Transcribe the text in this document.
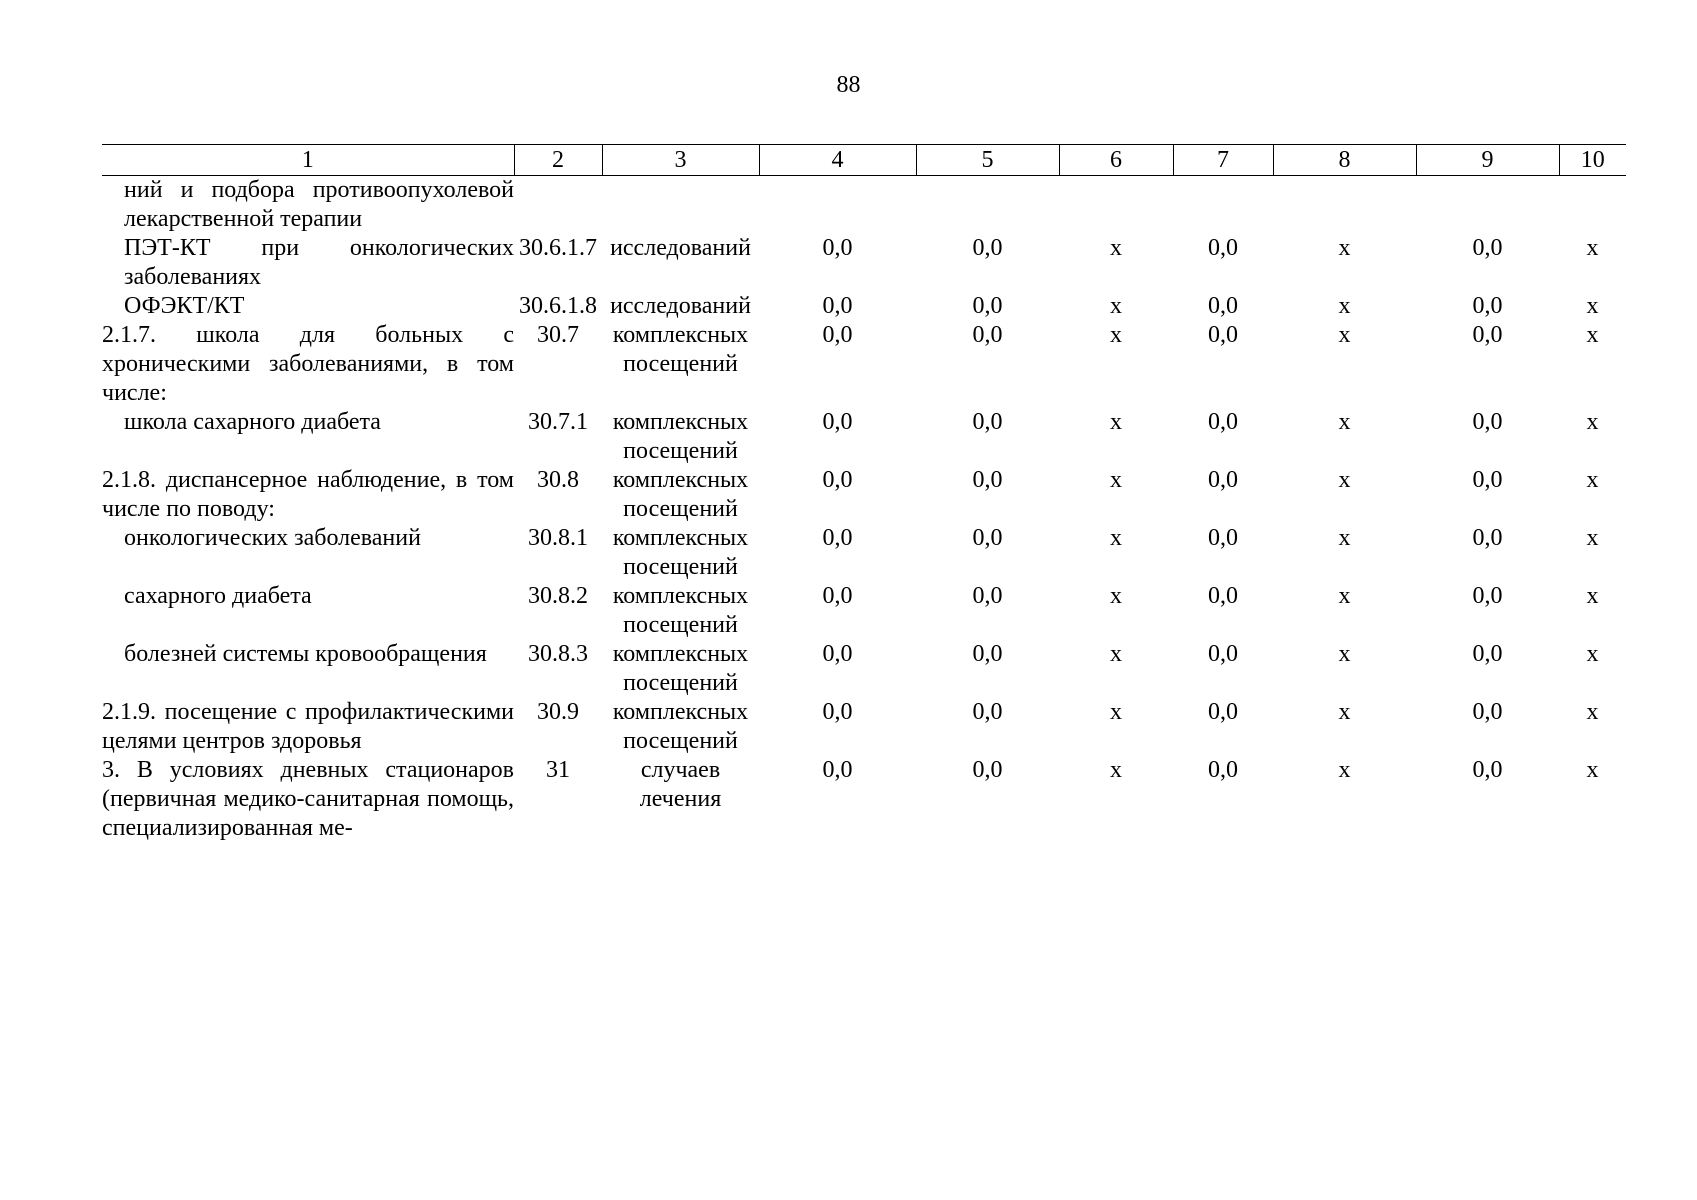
88
1	2	3	4	5	6	7	8	9	10

ний и подбора противоопухолевой лекарственной терапии									

ПЭТ-КТ при онкологических заболеваниях	30.6.1.7	исследований	0,0	0,0	х	0,0	х	0,0	х

ОФЭКТ/КТ	30.6.1.8	исследований	0,0	0,0	х	0,0	х	0,0	х

2.1.7. школа для больных с хроническими заболеваниями, в том числе:	30.7	комплексных посещений	0,0	0,0	х	0,0	х	0,0	х

школа сахарного диабета	30.7.1	комплексных посещений	0,0	0,0	х	0,0	х	0,0	х

2.1.8. диспансерное наблюдение, в том числе по поводу:	30.8	комплексных посещений	0,0	0,0	х	0,0	х	0,0	х

онкологических заболеваний	30.8.1	комплексных посещений	0,0	0,0	х	0,0	х	0,0	х

сахарного диабета	30.8.2	комплексных посещений	0,0	0,0	х	0,0	х	0,0	х

болезней системы кровообращения	30.8.3	комплексных посещений	0,0	0,0	х	0,0	х	0,0	х

2.1.9. посещение с профилактическими целями центров здоровья	30.9	комплексных посещений	0,0	0,0	х	0,0	х	0,0	х

3. В условиях дневных стационаров (первичная медико-санитарная помощь, специализированная ме-	31	случаев лечения	0,0	0,0	х	0,0	х	0,0	х
